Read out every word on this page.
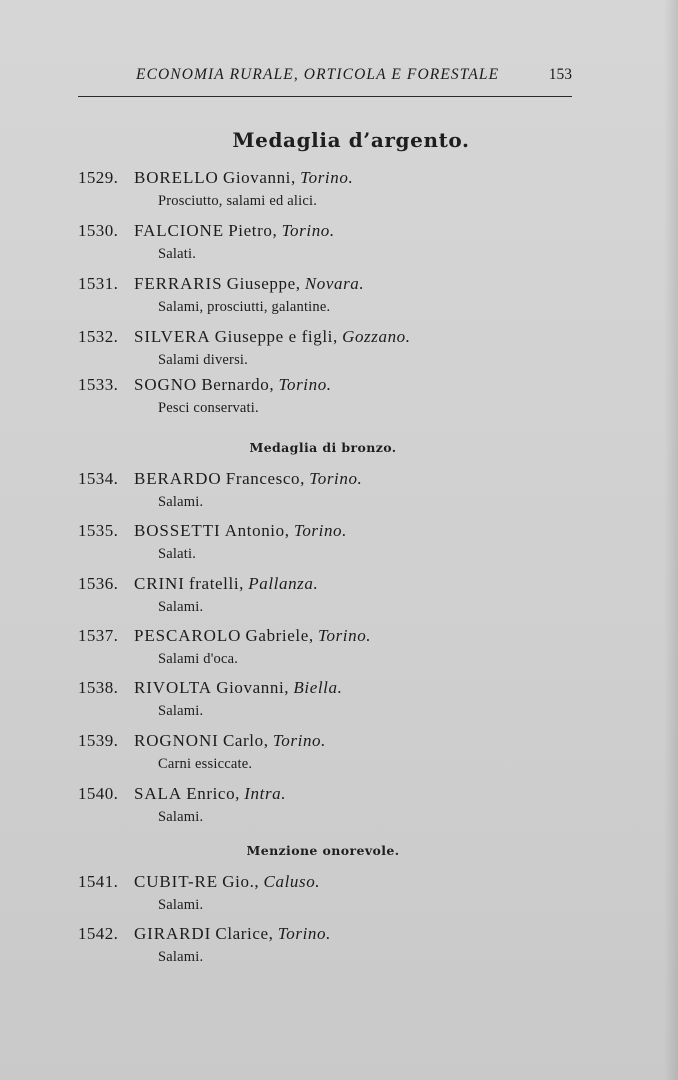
ECONOMIA RURALE, ORTICOLA E FORESTALE	153
Medaglia d’argento.
1529. BORELLO Giovanni, Torino.
Prosciutto, salami ed alici.
1530. FALCIONE Pietro, Torino.
Salati.
1531. FERRARIS Giuseppe, Novara.
Salami, prosciutti, galantine.
1532. SILVERA Giuseppe e figli, Gozzano.
Salami diversi.
1533. SOGNO Bernardo, Torino.
Pesci conservati.
Medaglia di bronzo.
1534. BERARDO Francesco, Torino.
Salami.
1535. BOSSETTI Antonio, Torino.
Salati.
1536. CRINI fratelli, Pallanza.
Salami.
1537. PESCAROLO Gabriele, Torino.
Salami d'oca.
1538. RIVOLTA Giovanni, Biella.
Salami.
1539. ROGNONI Carlo, Torino.
Carni essiccate.
1540. SALA Enrico, Intra.
Salami.
Menzione onorevole.
1541. CUBIT-RE Gio., Caluso.
Salami.
1542. GIRARDI Clarice, Torino.
Salami.
